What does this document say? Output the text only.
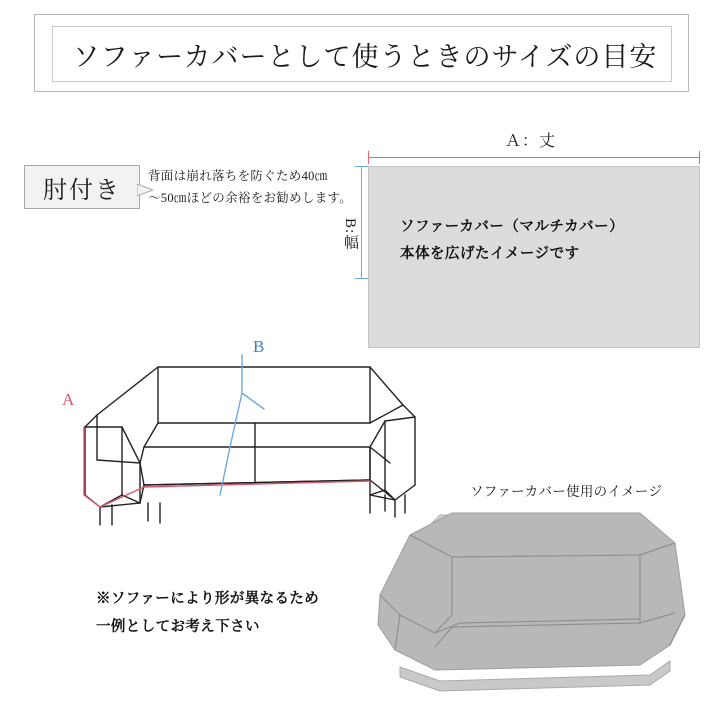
ソファーカバーとして使うときのサイズの目安
肘付き
背面は崩れ落ちを防ぐため40㎝
～50㎝ほどの余裕をお勧めします。
ソファーカバー（マルチカバー）
本体を広げたイメージです
Ａ：丈
B:幅
A
B
※ソファーにより形が異なるため
一例としてお考え下さい
ソファーカバー使用のイメージ
